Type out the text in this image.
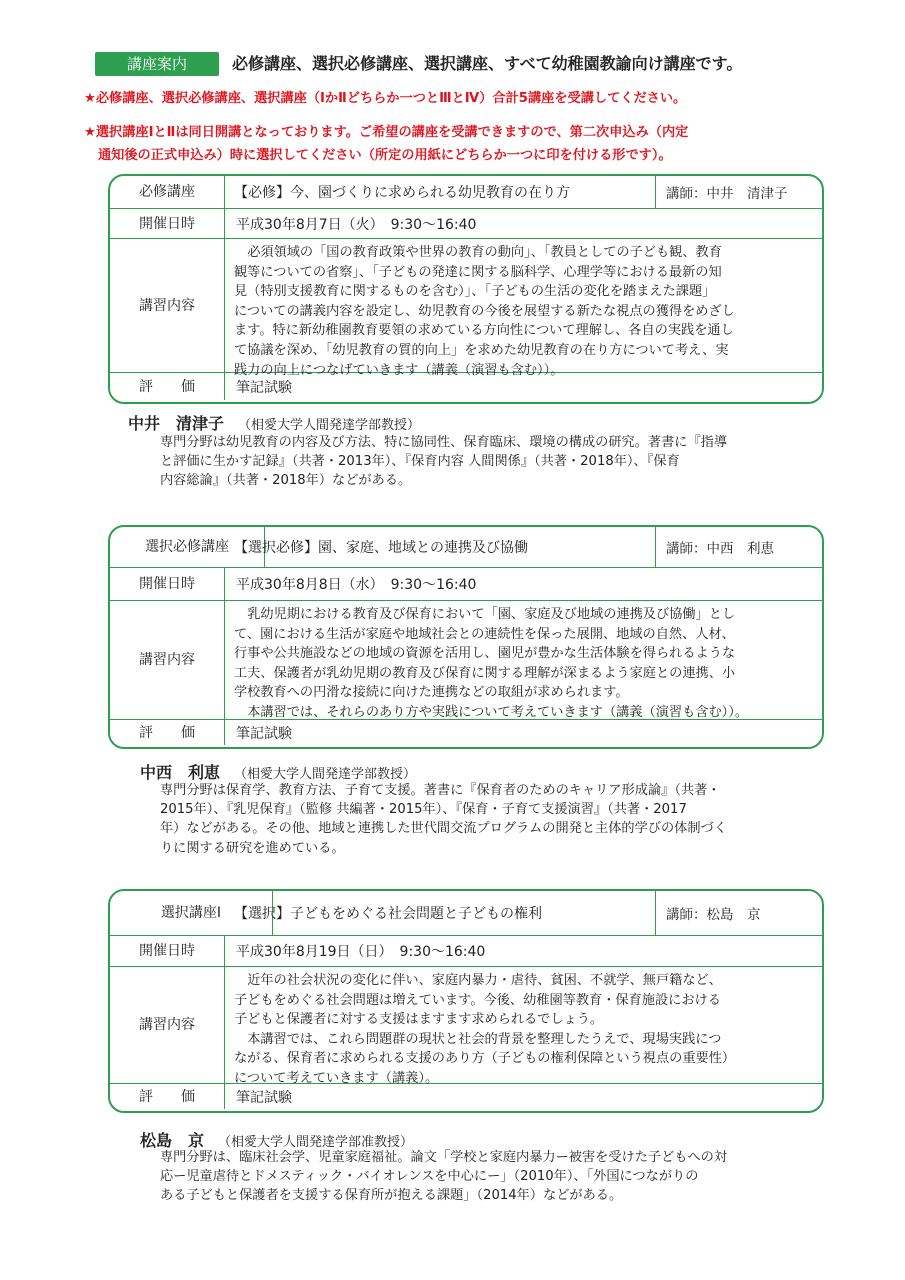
講座案内	必修講座、選択必修講座、選択講座、すべて幼稚園教諭向け講座です。
★必修講座、選択必修講座、選択講座（ⅠかⅡどちらか一つとⅢとⅣ）合計5講座を受講してください。
★選択講座ⅠとⅡは同日開講となっております。ご希望の講座を受講できますので、第二次申込み（内定
通知後の正式申込み）時に選択してください（所定の用紙にどちらか一つに印を付ける形です）。
必修講座	【必修】今、園づくりに求められる幼児教育の在り方	講師：中井　清津子
開催日時	平成30年8月7日（火）　9:30～16:40
講習内容

必須領域の「国の教育政策や世界の教育の動向」、「教員としての子ども観、教育

観等についての省察」、「子どもの発達に関する脳科学、心理学等における最新の知
見（特別支援教育に関するものを含む）」、「子どもの生活の変化を踏まえた課題」
についての講義内容を設定し、幼児教育の今後を展望する新たな視点の獲得をめざし
ます。特に新幼稚園教育要領の求めている方向性について理解し、各自の実践を通し
て協議を深め、「幼児教育の質的向上」を求めた幼児教育の在り方について考え、実
践力の向上につなげていきます（講義（演習も含む））。
評　　価	筆記試験
中井　清津子 （相愛大学人間発達学部教授）
専門分野は幼児教育の内容及び方法、特に協同性、保育臨床、環境の構成の研究。著書に『指導
と評価に生かす記録』（共著・2013年）、『保育内容 人間関係』（共著・2018年）、『保育
内容総論』（共著・2018年）などがある。
選択必修講座 【選択必修】園、家庭、地域との連携及び協働	講師：中西　利恵
開催日時	平成30年8月8日（水）　9:30～16:40
講習内容

乳幼児期における教育及び保育において「園、家庭及び地域の連携及び協働」とし

て、園における生活が家庭や地域社会との連続性を保った展開、地域の自然、人材、
行事や公共施設などの地域の資源を活用し、園児が豊かな生活体験を得られるような
工夫、保護者が乳幼児期の教育及び保育に関する理解が深まるよう家庭との連携、小
学校教育への円滑な接続に向けた連携などの取組が求められます。

本講習では、それらのあり方や実践について考えていきます（講義（演習も含む））。

評　　価	筆記試験
中西　利恵 （相愛大学人間発達学部教授）
専門分野は保育学、教育方法、子育て支援。著書に『保育者のためのキャリア形成論』（共著・
2015年）、『乳児保育』（監修 共編著・2015年）、『保育・子育て支援演習』（共著・2017
年）などがある。その他、地域と連携した世代間交流プログラムの開発と主体的学びの体制づく
りに関する研究を進めている。
選択講座Ⅰ 【選択】子どもをめぐる社会問題と子どもの権利	講師：松島　京
開催日時	平成30年8月19日（日）　9:30～16:40
講習内容

近年の社会状況の変化に伴い、家庭内暴力・虐待、貧困、不就学、無戸籍など、

子どもをめぐる社会問題は増えています。今後、幼稚園等教育・保育施設における
子どもと保護者に対する支援はますます求められるでしょう。

本講習では、これら問題群の現状と社会的背景を整理したうえで、現場実践につ

ながる、保育者に求められる支援のあり方（子どもの権利保障という視点の重要性）
について考えていきます（講義）。
評　　価	筆記試験
松島　京 （相愛大学人間発達学部准教授）
専門分野は、臨床社会学、児童家庭福祉。論文「学校と家庭内暴力ー被害を受けた子どもへの対
応ー児童虐待とドメスティック・バイオレンスを中心にー」（2010年）、「外国につながりの
ある子どもと保護者を支援する保育所が抱える課題」（2014年）などがある。
